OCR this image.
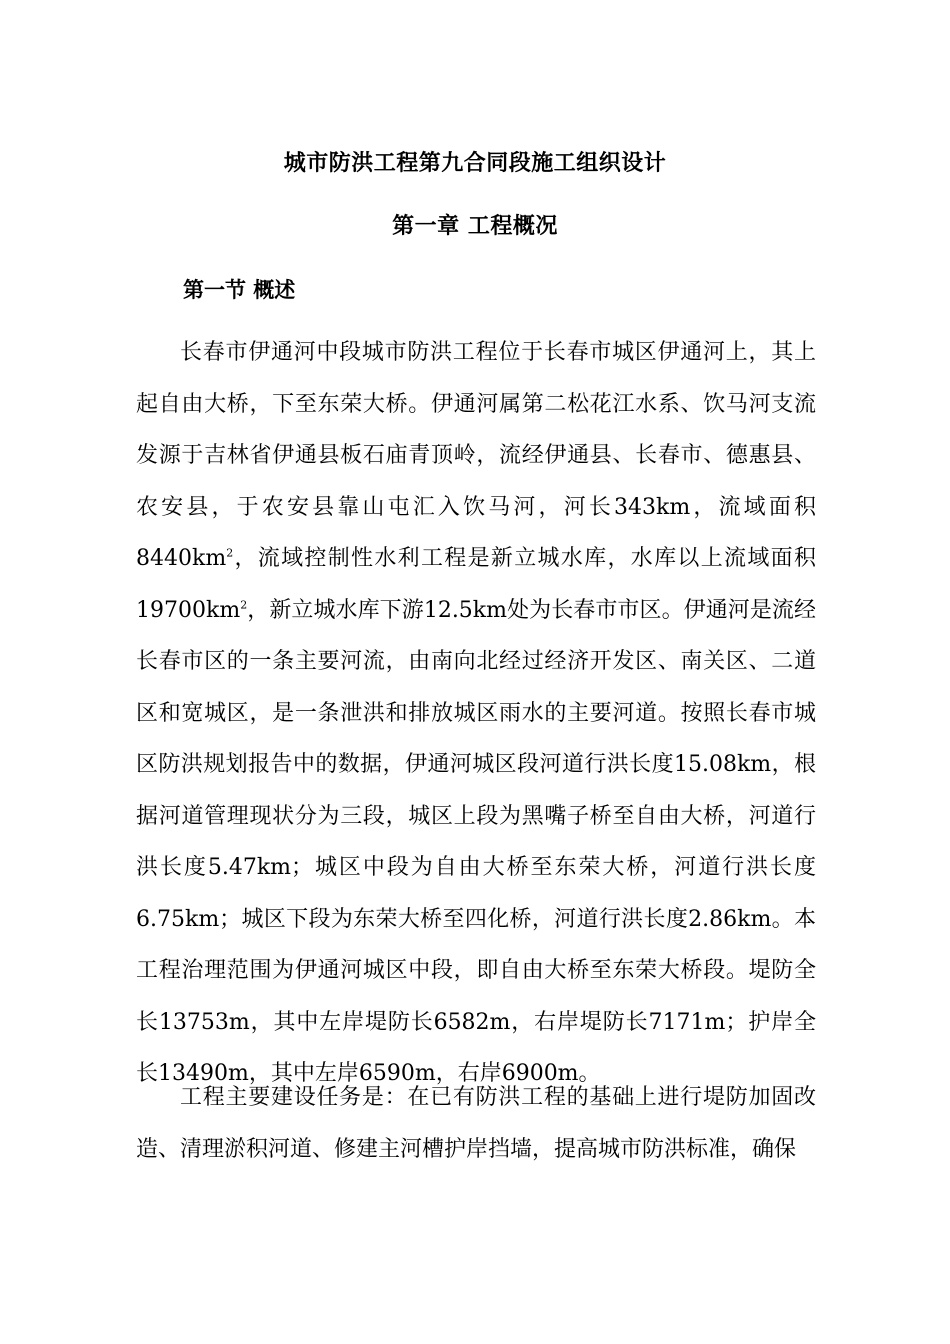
城市防洪工程第九合同段施工组织设计
第一章 工程概况
第一节 概述

长春市伊通河中段城市防洪工程位于长春市城区伊通河上，其上起自由大桥，下至东荣大桥。伊通河属第二松花江水系、饮马河支流发源于吉林省伊通县板石庙青顶岭，流经伊通县、长春市、德惠县、农安县，于农安县靠山屯汇入饮马河，河长343km，流域面积$8440km^2$，流域控制性水利工程是新立城水库，水库以上流域面积$19700km^2$，新立城水库下游12.5km处为长春市市区。伊通河是流经长春市区的一条主要河流，由南向北经过经济开发区、南关区、二道区和宽城区，是一条泄洪和排放城区雨水的主要河道。按照长春市城区防洪规划报告中的数据，伊通河城区段河道行洪长度15.08km，根据河道管理现状分为三段，城区上段为黑嘴子桥至自由大桥，河道行洪长度5.47km；城区中段为自由大桥至东荣大桥，河道行洪长度6.75km；城区下段为东荣大桥至四化桥，河道行洪长度2.86km。本工程治理范围为伊通河城区中段，即自由大桥至东荣大桥段。堤防全长13753m，其中左岸堤防长6582m，右岸堤防长7171m；护岸全长13490m，其中左岸6590m，右岸6900m。

工程主要建设任务是：在已有防洪工程的基础上进行堤防加固改造、清理淤积河道、修建主河槽护岸挡墙，提高城市防洪标准，确保
